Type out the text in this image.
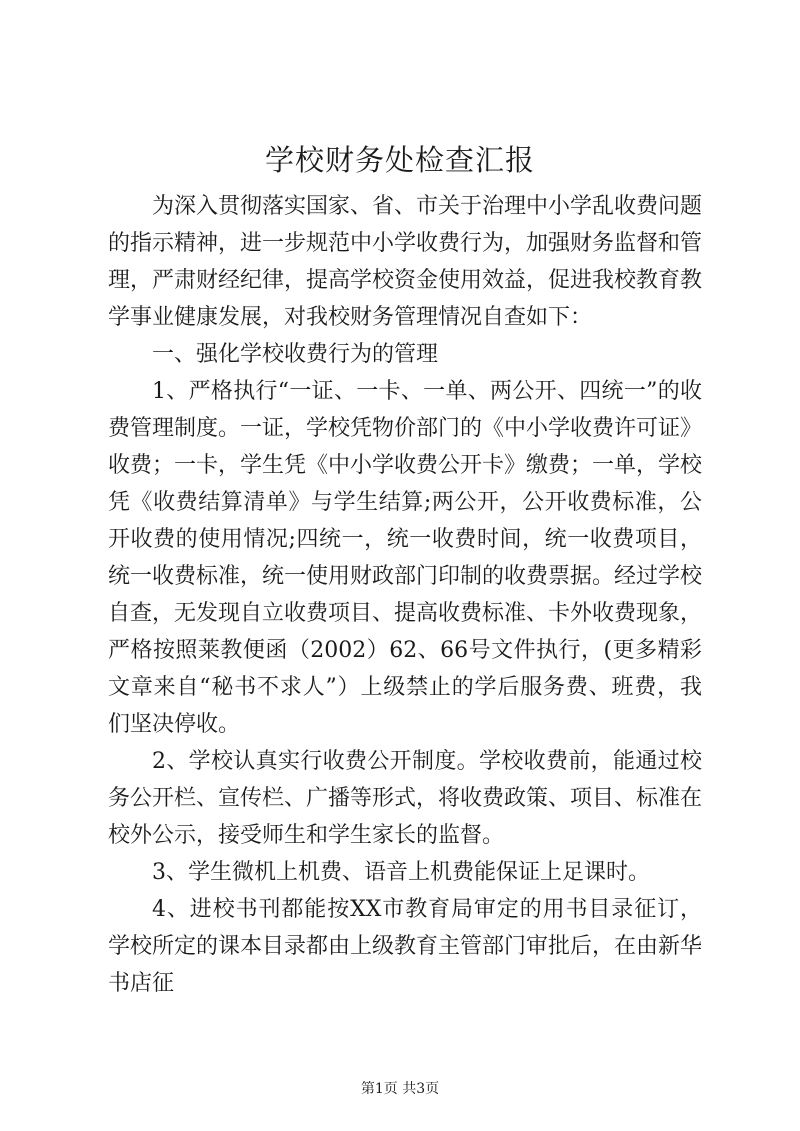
学校财务处检查汇报

为深入贯彻落实国家、省、市关于治理中小学乱收费问题的指示精神，进一步规范中小学收费行为，加强财务监督和管理，严肃财经纪律，提高学校资金使用效益，促进我校教育教学事业健康发展，对我校财务管理情况自查如下：

一、强化学校收费行为的管理

1、严格执行“一证、一卡、一单、两公开、四统一”的收费管理制度。一证，学校凭物价部门的《中小学收费许可证》收费；一卡，学生凭《中小学收费公开卡》缴费；一单，学校凭《收费结算清单》与学生结算;两公开，公开收费标准，公开收费的使用情况;四统一，统一收费时间，统一收费项目，统一收费标准，统一使用财政部门印制的收费票据。经过学校自查，无发现自立收费项目、提高收费标准、卡外收费现象，严格按照莱教便函（2002）62、66号文件执行，(更多精彩文章来自“秘书不求人”）上级禁止的学后服务费、班费，我们坚决停收。

2、学校认真实行收费公开制度。学校收费前，能通过校务公开栏、宣传栏、广播等形式，将收费政策、项目、标准在校外公示，接受师生和学生家长的监督。

3、学生微机上机费、语音上机费能保证上足课时。

4、进校书刊都能按XX市教育局审定的用书目录征订，学校所定的课本目录都由上级教育主管部门审批后，在由新华书店征

第1页 共3页
